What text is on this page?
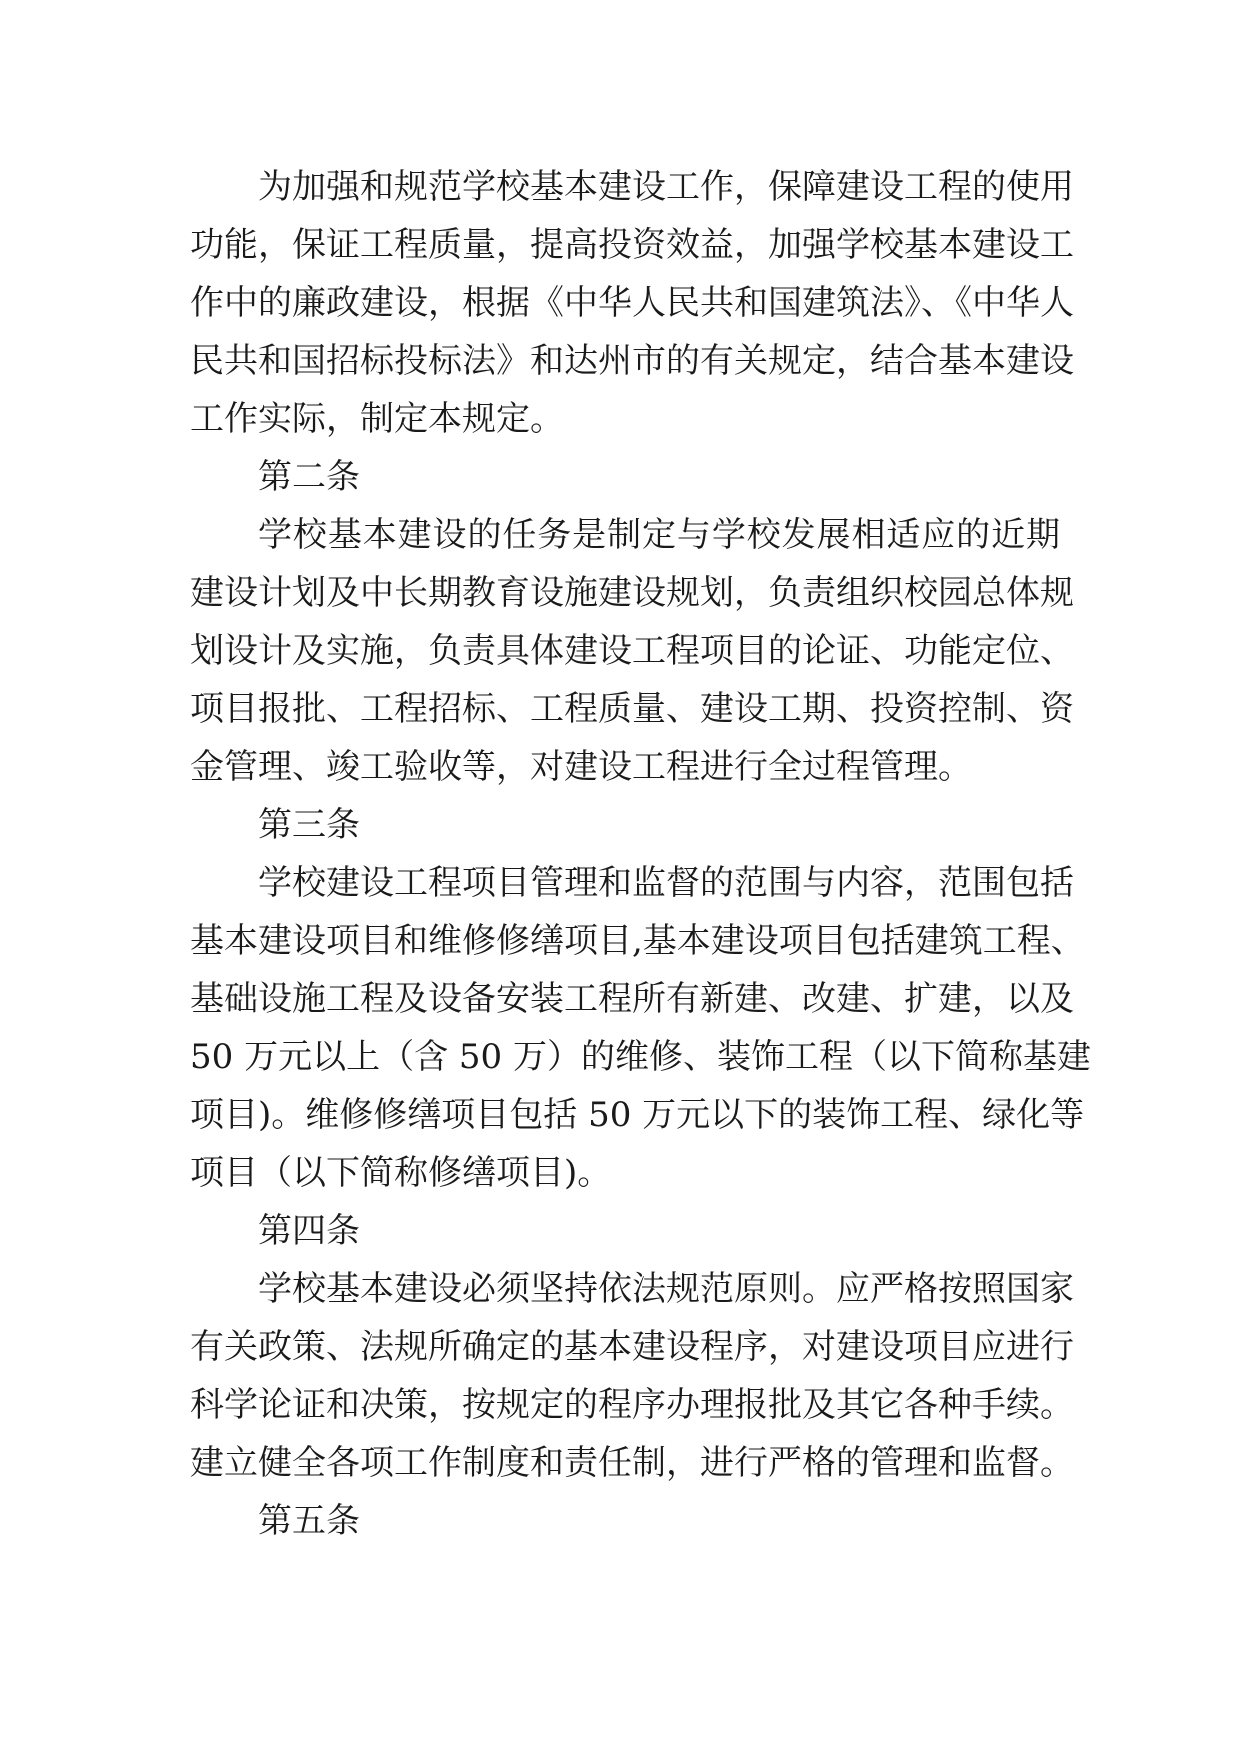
为加强和规范学校基本建设工作，保障建设工程的使用
功能，保证工程质量，提高投资效益，加强学校基本建设工
作中的廉政建设，根据《中华人民共和国建筑法》、《中华人
民共和国招标投标法》和达州市的有关规定，结合基本建设
工作实际，制定本规定。
第二条
学校基本建设的任务是制定与学校发展相适应的近期
建设计划及中长期教育设施建设规划，负责组织校园总体规
划设计及实施，负责具体建设工程项目的论证、功能定位、
项目报批、工程招标、工程质量、建设工期、投资控制、资
金管理、竣工验收等，对建设工程进行全过程管理。
第三条
学校建设工程项目管理和监督的范围与内容，范围包括
基本建设项目和维修修缮项目,基本建设项目包括建筑工程、
基础设施工程及设备安装工程所有新建、改建、扩建，以及
50 万元以上（含 50 万）的维修、装饰工程（以下简称基建
项目)。维修修缮项目包括 50 万元以下的装饰工程、绿化等
项目（以下简称修缮项目)。
第四条
学校基本建设必须坚持依法规范原则。应严格按照国家
有关政策、法规所确定的基本建设程序，对建设项目应进行
科学论证和决策，按规定的程序办理报批及其它各种手续。
建立健全各项工作制度和责任制，进行严格的管理和监督。
第五条
